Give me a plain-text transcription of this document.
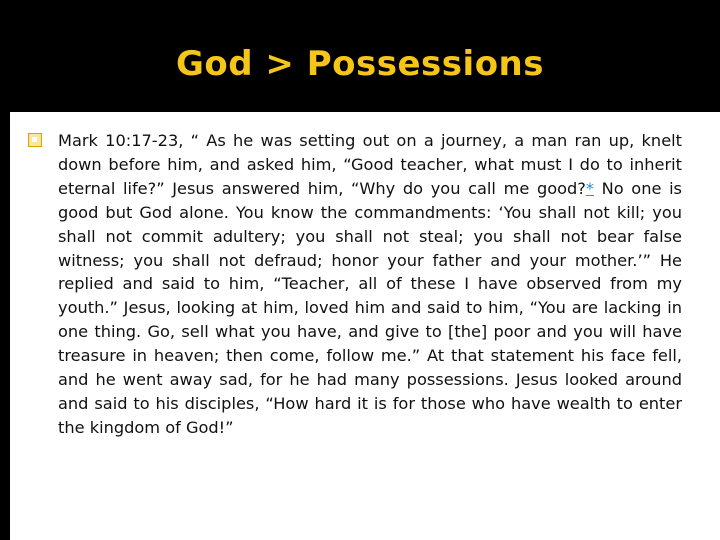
God > Possessions
Mark 10:17-23, “ As he was setting out on a journey, a man ran up, knelt down before him, and asked him, “Good teacher, what must I do to inherit eternal life?” Jesus answered him, “Why do you call me good?* No one is good but God alone. You know the commandments: ‘You shall not kill; you shall not commit adultery; you shall not steal; you shall not bear false witness; you shall not defraud; honor your father and your mother.’” He replied and said to him, “Teacher, all of these I have observed from my youth.” Jesus, looking at him, loved him and said to him, “You are lacking in one thing. Go, sell what you have, and give to [the] poor and you will have treasure in heaven; then come, follow me.” At that statement his face fell, and he went away sad, for he had many possessions. Jesus looked around and said to his disciples, “How hard it is for those who have wealth to enter the kingdom of God!”
